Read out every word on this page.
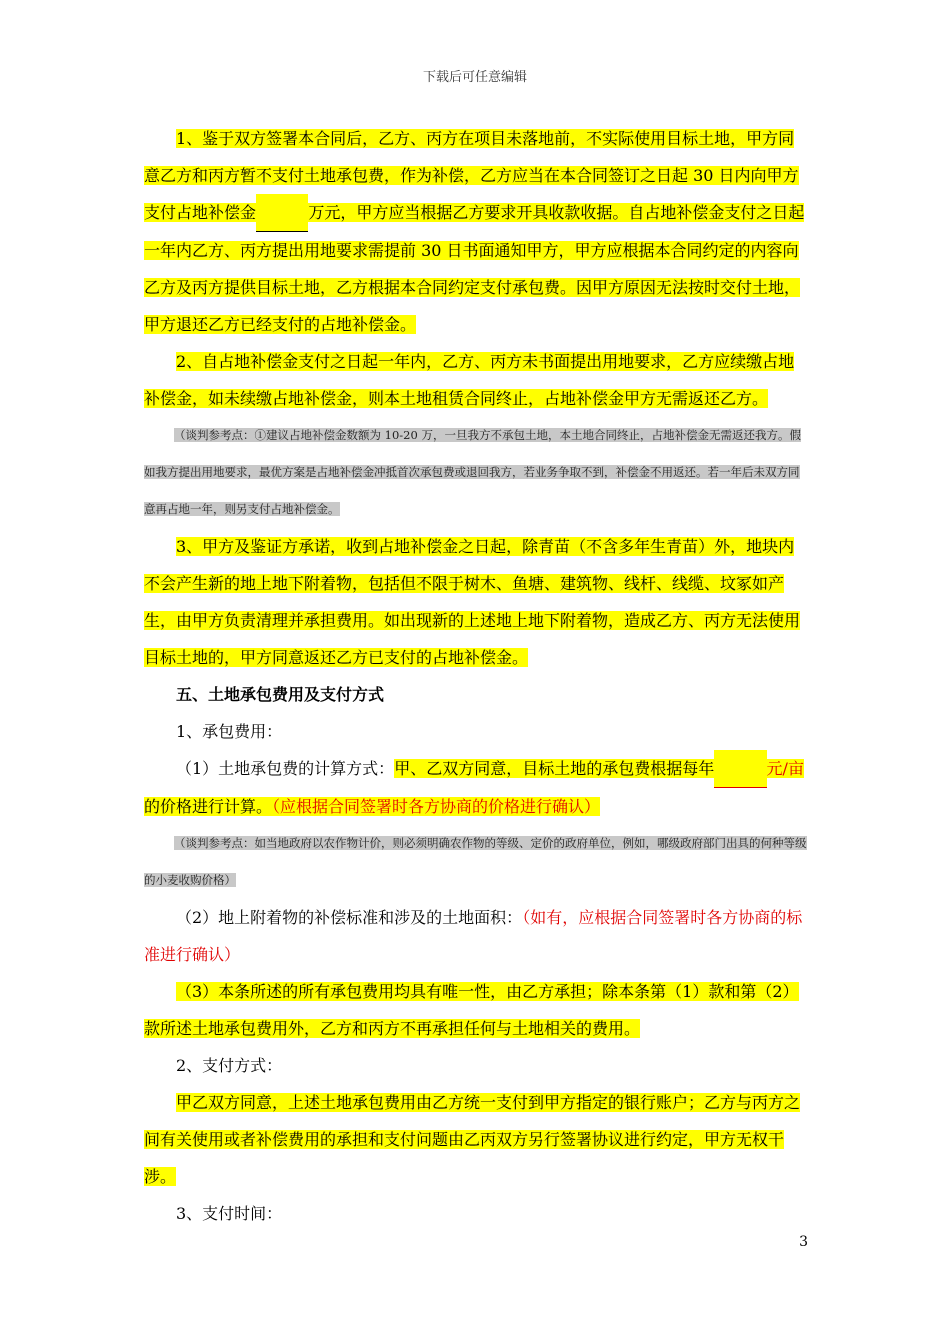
下载后可任意编辑

1、鉴于双方签署本合同后，乙方、丙方在项目未落地前，不实际使用目标土地，甲方同意乙方和丙方暂不支付土地承包费，作为补偿，乙方应当在本合同签订之日起 30 日内向甲方支付占地补偿金	万元，甲方应当根据乙方要求开具收款收据。自占地补偿金支付之日起一年内乙方、丙方提出用地要求需提前 30 日书面通知甲方，甲方应根据本合同约定的内容向乙方及丙方提供目标土地，乙方根据本合同约定支付承包费。因甲方原因无法按时交付土地，甲方退还乙方已经支付的占地补偿金。

2、自占地补偿金支付之日起一年内，乙方、丙方未书面提出用地要求，乙方应续缴占地补偿金，如未续缴占地补偿金，则本土地租赁合同终止，占地补偿金甲方无需返还乙方。

（谈判参考点：①建议占地补偿金数额为 10-20 万，一旦我方不承包土地，本土地合同终止，占地补偿金无需返还我方。假如我方提出用地要求，最优方案是占地补偿金冲抵首次承包费或退回我方，若业务争取不到，补偿金不用返还。若一年后未双方同意再占地一年，则另支付占地补偿金。

3、甲方及鉴证方承诺，收到占地补偿金之日起，除青苗（不含多年生青苗）外，地块内不会产生新的地上地下附着物，包括但不限于树木、鱼塘、建筑物、线杆、线缆、坟冢如产生，由甲方负责清理并承担费用。如出现新的上述地上地下附着物，造成乙方、丙方无法使用目标土地的，甲方同意返还乙方已支付的占地补偿金。

五、土地承包费用及支付方式

1、承包费用：

（1）土地承包费的计算方式：甲、乙双方同意，目标土地的承包费根据每年	元/亩的价格进行计算。（应根据合同签署时各方协商的价格进行确认）

（谈判参考点：如当地政府以农作物计价，则必须明确农作物的等级、定价的政府单位，例如，哪级政府部门出具的何种等级的小麦收购价格）

（2）地上附着物的补偿标准和涉及的土地面积：（如有，应根据合同签署时各方协商的标准进行确认）

（3）本条所述的所有承包费用均具有唯一性，由乙方承担；除本条第（1）款和第（2）款所述土地承包费用外，乙方和丙方不再承担任何与土地相关的费用。

2、支付方式：

甲乙双方同意，上述土地承包费用由乙方统一支付到甲方指定的银行账户；乙方与丙方之间有关使用或者补偿费用的承担和支付问题由乙丙双方另行签署协议进行约定，甲方无权干涉。

3、支付时间：

3
